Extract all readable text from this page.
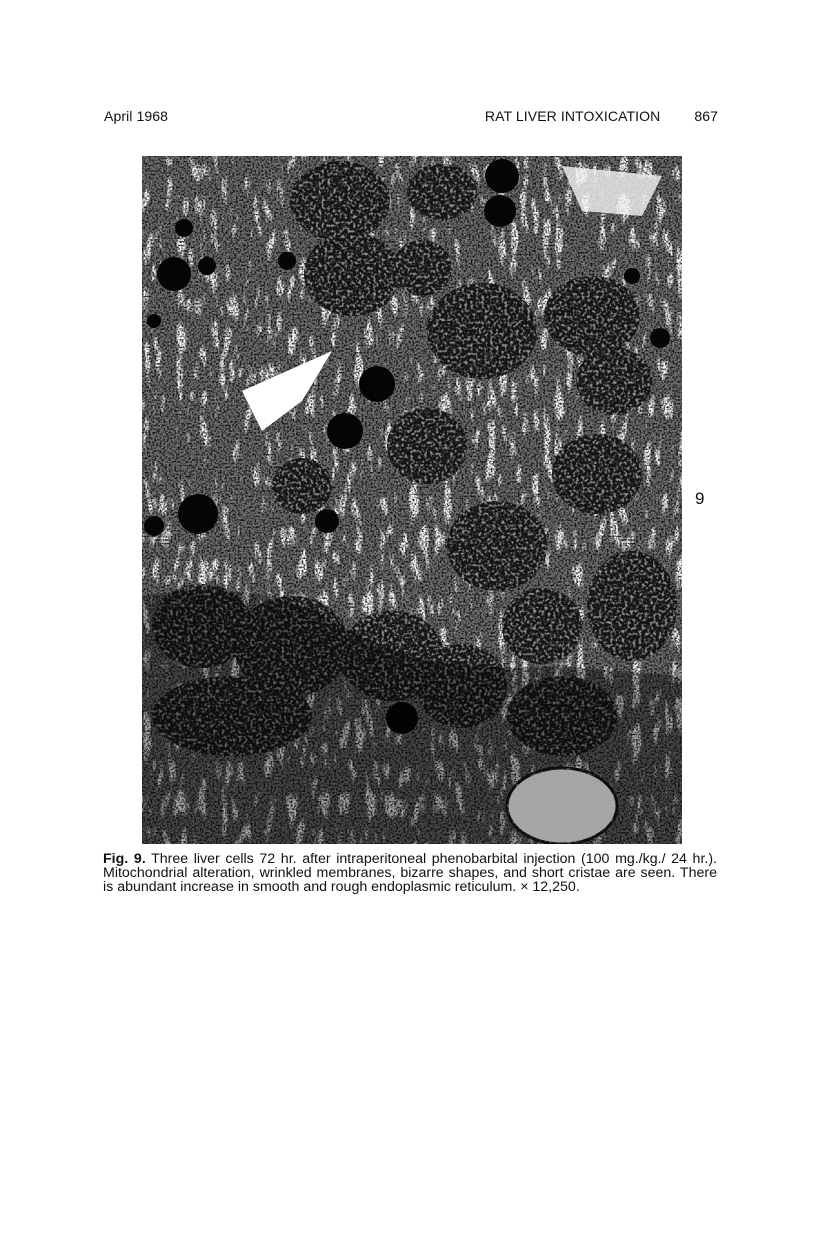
April 1968	RAT LIVER INTOXICATION 867
9
Fig. 9. Three liver cells 72 hr. after intraperitoneal phenobarbital injection (100 mg./kg./ 24 hr.). Mitochondrial alteration, wrinkled membranes, bizarre shapes, and short cristae are seen. There is abundant increase in smooth and rough endoplasmic reticulum. × 12,250.
